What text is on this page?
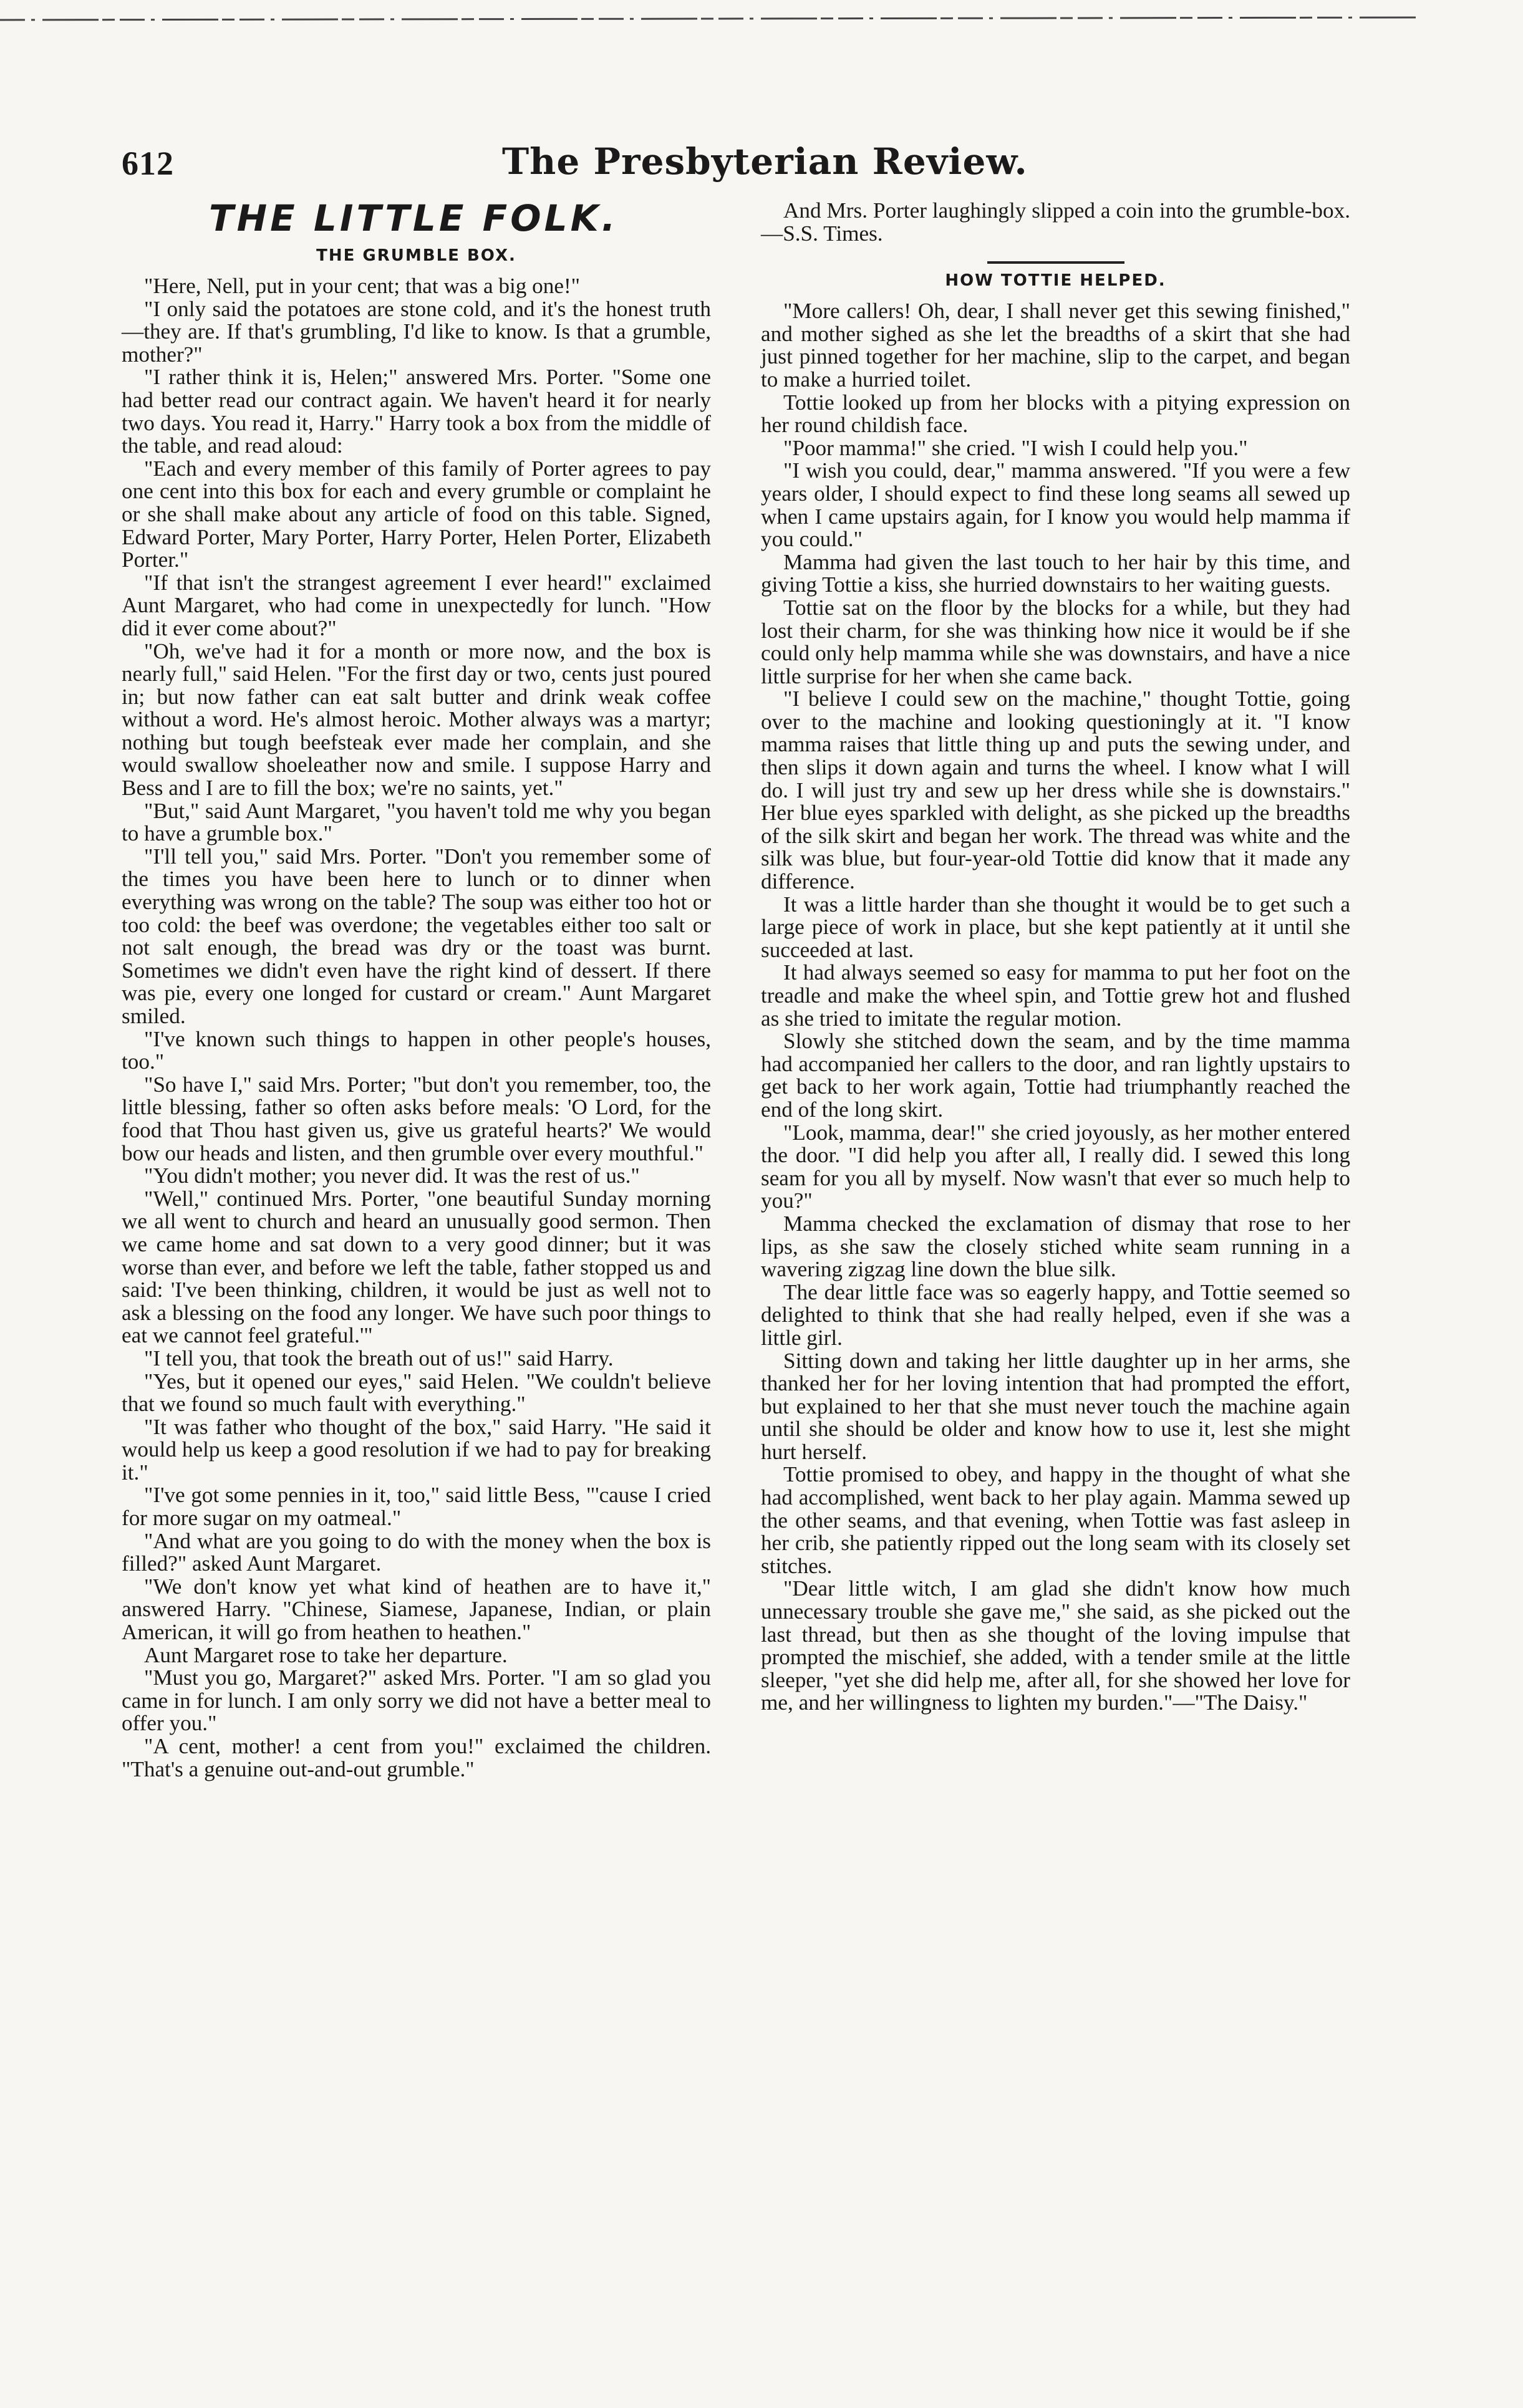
612	The Presbyterian Review.
THE LITTLE FOLK.
THE GRUMBLE BOX.

"Here, Nell, put in your cent; that was a big one!"

"I only said the potatoes are stone cold, and it's the honest truth—they are. If that's grumbling, I'd like to know. Is that a grumble, mother?"

"I rather think it is, Helen;" answered Mrs. Porter. "Some one had better read our contract again. We haven't heard it for nearly two days. You read it, Harry." Harry took a box from the middle of the table, and read aloud:

"Each and every member of this family of Porter agrees to pay one cent into this box for each and every grumble or complaint he or she shall make about any article of food on this table. Signed, Edward Porter, Mary Porter, Harry Porter, Helen Porter, Elizabeth Porter."

"If that isn't the strangest agreement I ever heard!" exclaimed Aunt Margaret, who had come in unexpectedly for lunch. "How did it ever come about?"

"Oh, we've had it for a month or more now, and the box is nearly full," said Helen. "For the first day or two, cents just poured in; but now father can eat salt butter and drink weak coffee without a word. He's almost heroic. Mother always was a martyr; nothing but tough beefsteak ever made her complain, and she would swallow shoeleather now and smile. I suppose Harry and Bess and I are to fill the box; we're no saints, yet."

"But," said Aunt Margaret, "you haven't told me why you began to have a grumble box."

"I'll tell you," said Mrs. Porter. "Don't you remember some of the times you have been here to lunch or to dinner when everything was wrong on the table? The soup was either too hot or too cold: the beef was overdone; the vegetables either too salt or not salt enough, the bread was dry or the toast was burnt. Sometimes we didn't even have the right kind of dessert. If there was pie, every one longed for custard or cream." Aunt Margaret smiled.

"I've known such things to happen in other people's houses, too."

"So have I," said Mrs. Porter; "but don't you remember, too, the little blessing, father so often asks before meals: 'O Lord, for the food that Thou hast given us, give us grateful hearts?' We would bow our heads and listen, and then grumble over every mouthful."

"You didn't mother; you never did. It was the rest of us."

"Well," continued Mrs. Porter, "one beautiful Sunday morning we all went to church and heard an unusually good sermon. Then we came home and sat down to a very good dinner; but it was worse than ever, and before we left the table, father stopped us and said: 'I've been thinking, children, it would be just as well not to ask a blessing on the food any longer. We have such poor things to eat we cannot feel grateful.'"

"I tell you, that took the breath out of us!" said Harry.

"Yes, but it opened our eyes," said Helen. "We couldn't believe that we found so much fault with everything."

"It was father who thought of the box," said Harry. "He said it would help us keep a good resolution if we had to pay for breaking it."

"I've got some pennies in it, too," said little Bess, "'cause I cried for more sugar on my oatmeal."

"And what are you going to do with the money when the box is filled?" asked Aunt Margaret.

"We don't know yet what kind of heathen are to have it," answered Harry. "Chinese, Siamese, Japanese, Indian, or plain American, it will go from heathen to heathen."

Aunt Margaret rose to take her departure.

"Must you go, Margaret?" asked Mrs. Porter. "I am so glad you came in for lunch. I am only sorry we did not have a better meal to offer you."

"A cent, mother! a cent from you!" exclaimed the children. "That's a genuine out-and-out grumble."

And Mrs. Porter laughingly slipped a coin into the grumble-box.—S.S. Times.

HOW TOTTIE HELPED.

"More callers! Oh, dear, I shall never get this sewing finished," and mother sighed as she let the breadths of a skirt that she had just pinned together for her machine, slip to the carpet, and began to make a hurried toilet.

Tottie looked up from her blocks with a pitying expression on her round childish face.

"Poor mamma!" she cried. "I wish I could help you."

"I wish you could, dear," mamma answered. "If you were a few years older, I should expect to find these long seams all sewed up when I came upstairs again, for I know you would help mamma if you could."

Mamma had given the last touch to her hair by this time, and giving Tottie a kiss, she hurried downstairs to her waiting guests.

Tottie sat on the floor by the blocks for a while, but they had lost their charm, for she was thinking how nice it would be if she could only help mamma while she was downstairs, and have a nice little surprise for her when she came back.

"I believe I could sew on the machine," thought Tottie, going over to the machine and looking questioningly at it. "I know mamma raises that little thing up and puts the sewing under, and then slips it down again and turns the wheel. I know what I will do. I will just try and sew up her dress while she is downstairs." Her blue eyes sparkled with delight, as she picked up the breadths of the silk skirt and began her work. The thread was white and the silk was blue, but four-year-old Tottie did know that it made any difference.

It was a little harder than she thought it would be to get such a large piece of work in place, but she kept patiently at it until she succeeded at last.

It had always seemed so easy for mamma to put her foot on the treadle and make the wheel spin, and Tottie grew hot and flushed as she tried to imitate the regular motion.

Slowly she stitched down the seam, and by the time mamma had accompanied her callers to the door, and ran lightly upstairs to get back to her work again, Tottie had triumphantly reached the end of the long skirt.

"Look, mamma, dear!" she cried joyously, as her mother entered the door. "I did help you after all, I really did. I sewed this long seam for you all by myself. Now wasn't that ever so much help to you?"

Mamma checked the exclamation of dismay that rose to her lips, as she saw the closely stiched white seam running in a wavering zigzag line down the blue silk.

The dear little face was so eagerly happy, and Tottie seemed so delighted to think that she had really helped, even if she was a little girl.

Sitting down and taking her little daughter up in her arms, she thanked her for her loving intention that had prompted the effort, but explained to her that she must never touch the machine again until she should be older and know how to use it, lest she might hurt herself.

Tottie promised to obey, and happy in the thought of what she had accomplished, went back to her play again. Mamma sewed up the other seams, and that evening, when Tottie was fast asleep in her crib, she patiently ripped out the long seam with its closely set stitches.

"Dear little witch, I am glad she didn't know how much unnecessary trouble she gave me," she said, as she picked out the last thread, but then as she thought of the loving impulse that prompted the mischief, she added, with a tender smile at the little sleeper, "yet she did help me, after all, for she showed her love for me, and her willingness to lighten my burden."—"The Daisy."
